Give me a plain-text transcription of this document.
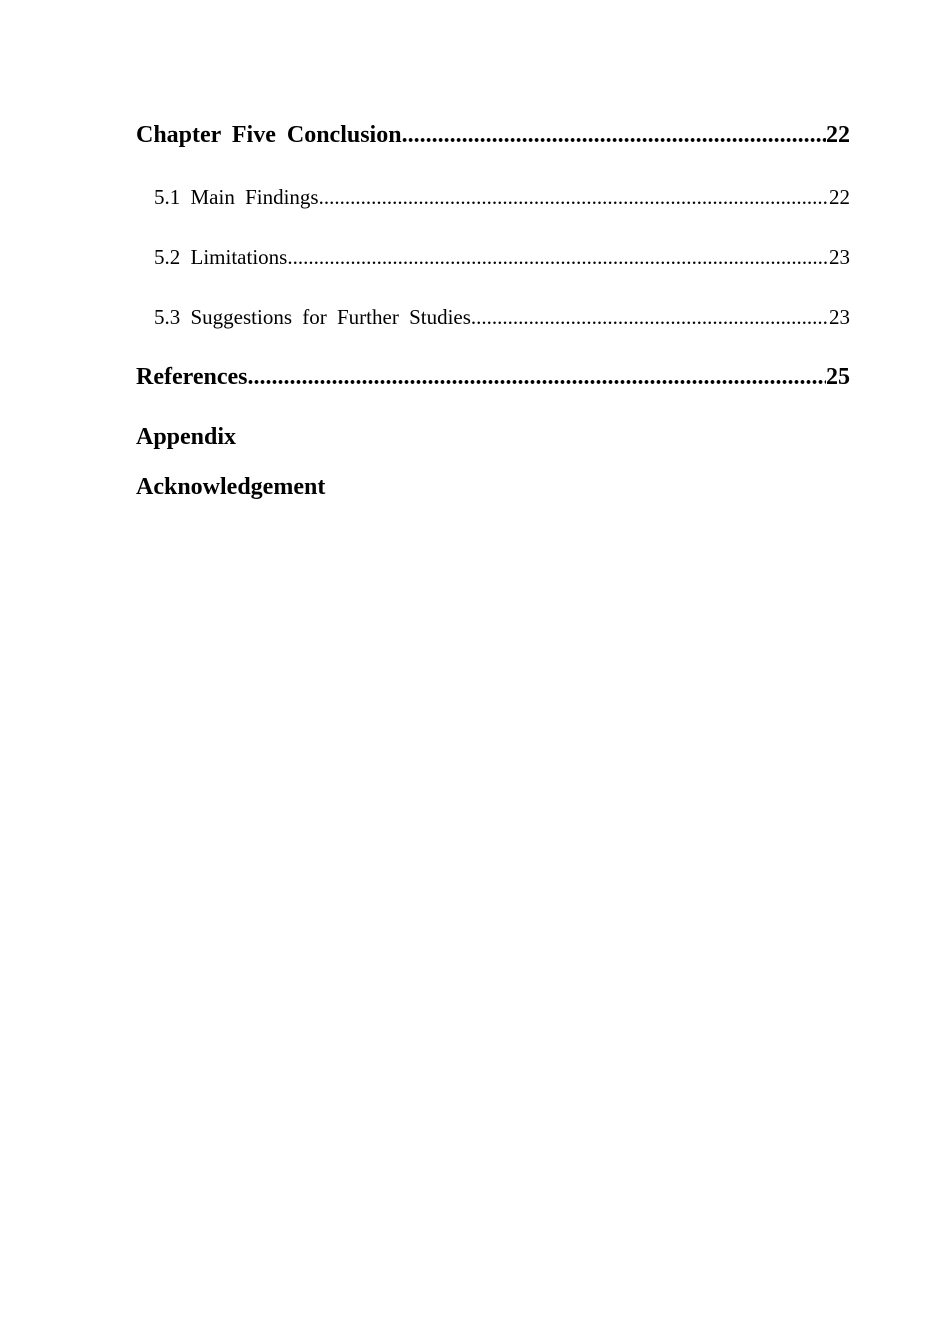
Chapter Five Conclusion .....	22
5.1 Main Findings .....	22
5.2 Limitations .....	23
5.3 Suggestions for Further Studies .....	23
References .....	25
Appendix
Acknowledgement
